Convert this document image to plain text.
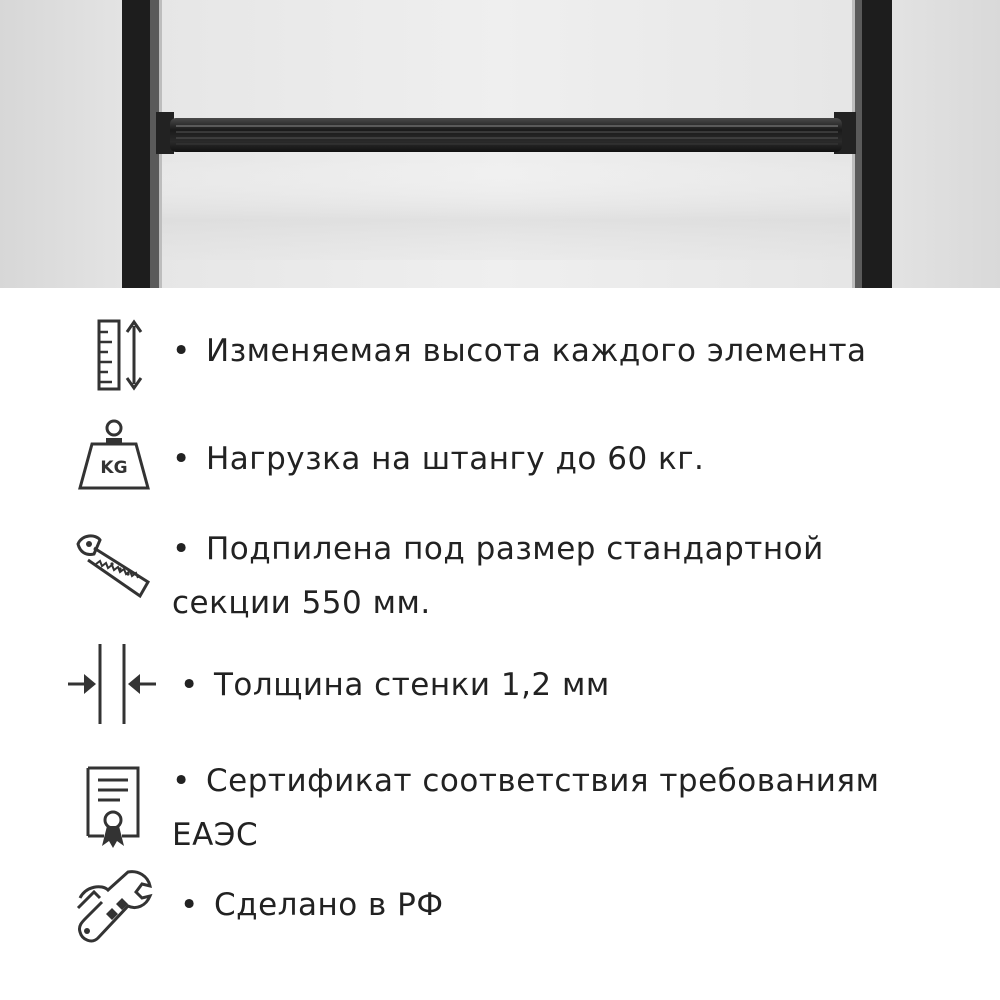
• Изменяемая высота каждого элемента
KG • Нагрузка на штангу до 60 кг.
• Подпилена под размер стандартной
секции 550 мм.
• Толщина стенки 1,2 мм
• Сертификат соответствия требованиям
ЕАЭС
• Сделано в РФ
